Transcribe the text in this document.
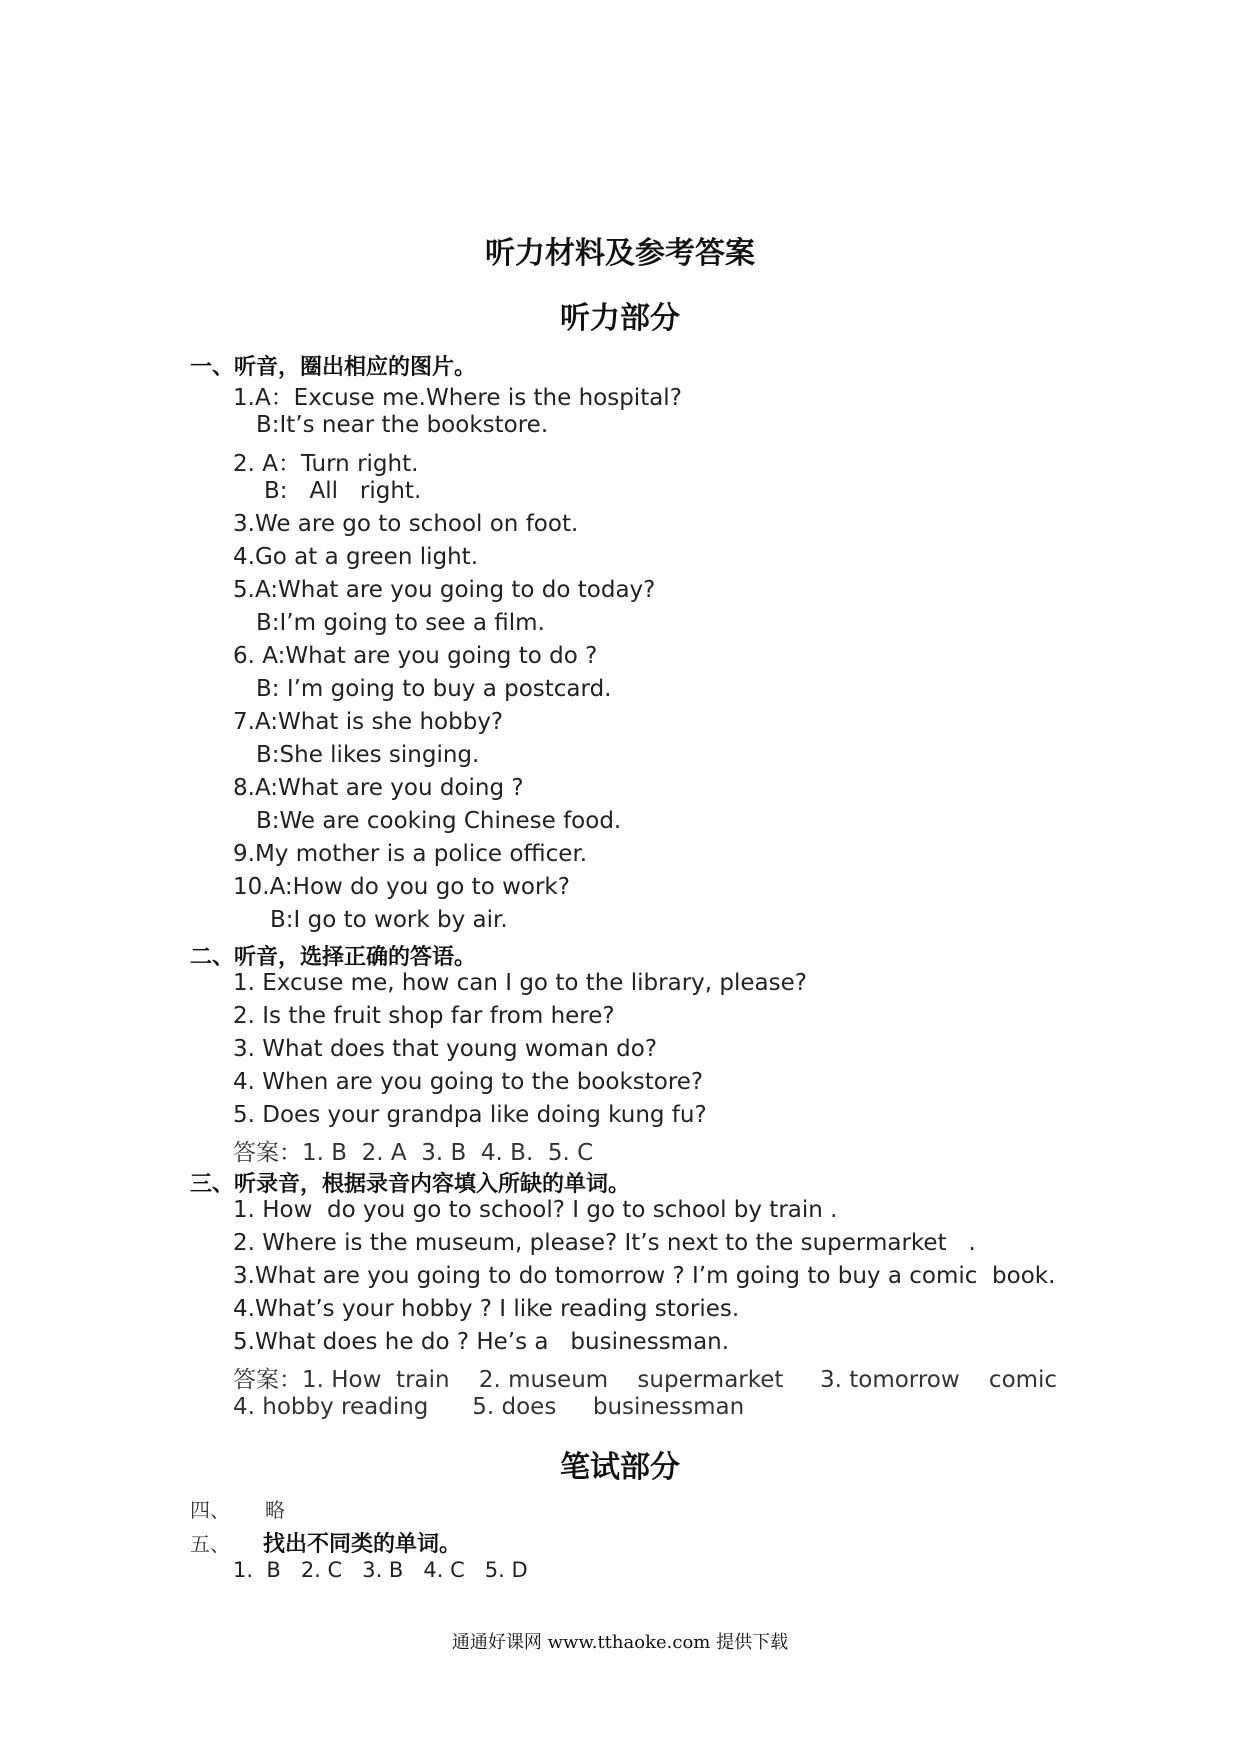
听力材料及参考答案
听力部分
一、听音，圈出相应的图片。
1.A：Excuse me.Where is the hospital?
B:It’s near the bookstore.
2. A：Turn right.
B:   All   right.
3.We are go to school on foot.
4.Go at a green light.
5.A:What are you going to do today?
B:I’m going to see a film.
6. A:What are you going to do ?
B: I’m going to buy a postcard.
7.A:What is she hobby?
B:She likes singing.
8.A:What are you doing ?
B:We are cooking Chinese food.
9.My mother is a police officer.
10.A:How do you go to work?
B:I go to work by air.
二、听音，选择正确的答语。
1. Excuse me, how can I go to the library, please?
2. Is the fruit shop far from here?
3. What does that young woman do?
4. When are you going to the bookstore?
5. Does your grandpa like doing kung fu?
答案：1. B  2. A  3. B  4. B.  5. C
三、听录音，根据录音内容填入所缺的单词。
1. How  do you go to school? I go to school by train .
2. Where is the museum, please? It’s next to the supermarket   .
3.What are you going to do tomorrow ? I’m going to buy a comic  book.
4.What’s your hobby ? I like reading stories.
5.What does he do ? He’s a   businessman.
答案：1. How  train    2. museum    supermarket     3. tomorrow    comic
4. hobby reading      5. does     businessman
笔试部分
四、 略
五、 找出不同类的单词。
1.  B   2. C   3. B   4. C   5. D
通通好课网 www.tthaoke.com 提供下载
